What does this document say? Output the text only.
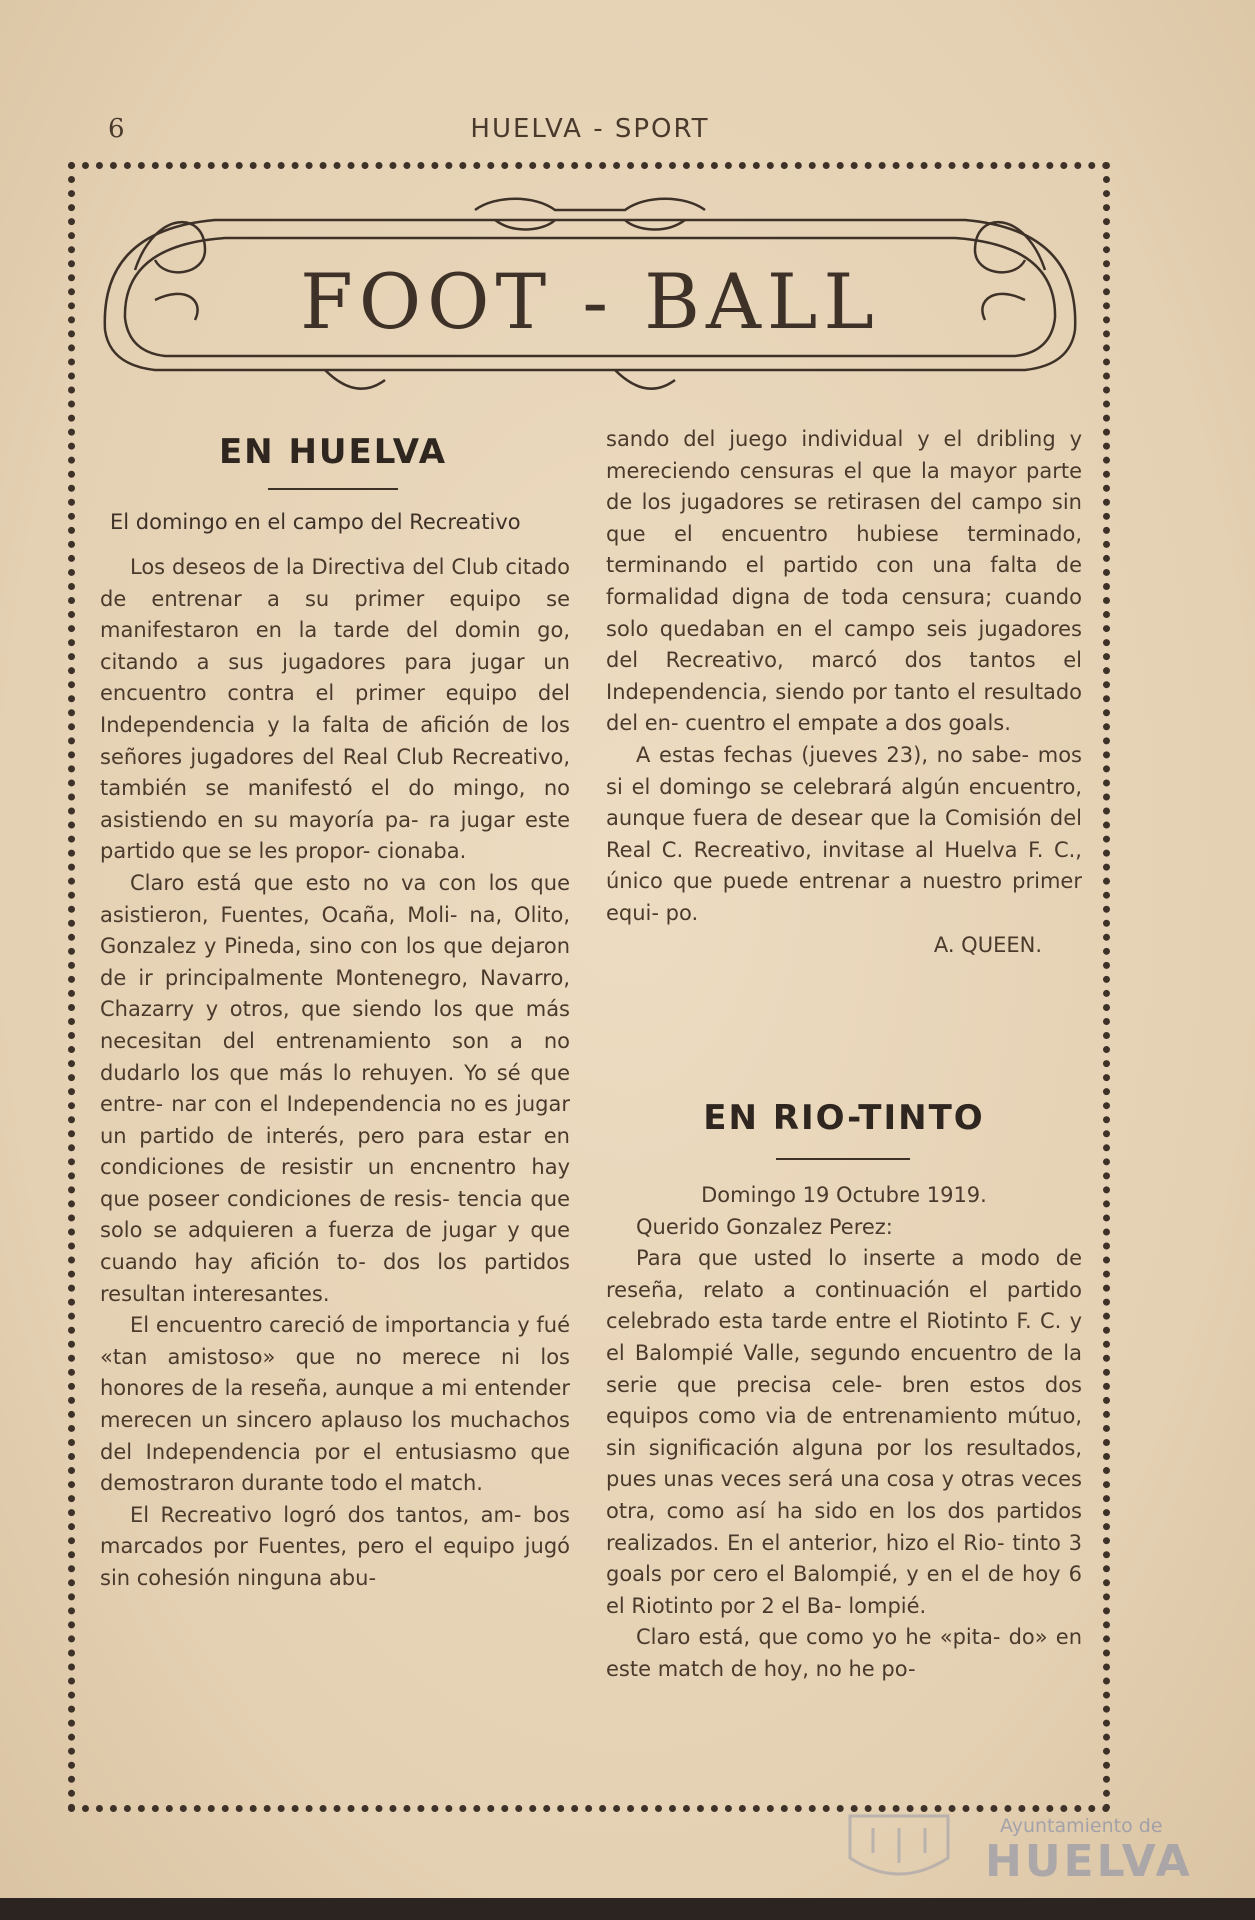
6	HUELVA - SPORT
FOOT - BALL
EN HUELVA
El domingo en el campo del Recreativo

Los deseos de la Directiva del Club citado de entrenar a su primer equipo se manifestaron en la tarde del domin go, citando a sus jugadores para jugar un encuentro contra el primer equipo del Independencia y la falta de afición de los señores jugadores del Real Club Recreativo, también se manifestó el do mingo, no asistiendo en su mayoría pa- ra jugar este partido que se les propor- cionaba.

Claro está que esto no va con los que asistieron, Fuentes, Ocaña, Moli- na, Olito, Gonzalez y Pineda, sino con los que dejaron de ir principalmente Montenegro, Navarro, Chazarry y otros, que siendo los que más necesitan del entrenamiento son a no dudarlo los que más lo rehuyen. Yo sé que entre- nar con el Independencia no es jugar un partido de interés, pero para estar en condiciones de resistir un encnentro hay que poseer condiciones de resis- tencia que solo se adquieren a fuerza de jugar y que cuando hay afición to- dos los partidos resultan interesantes.

El encuentro careció de importancia y fué «tan amistoso» que no merece ni los honores de la reseña, aunque a mi entender merecen un sincero aplauso los muchachos del Independencia por el entusiasmo que demostraron durante todo el match.

El Recreativo logró dos tantos, am- bos marcados por Fuentes, pero el equipo jugó sin cohesión ninguna abu-

sando del juego individual y el dribling y mereciendo censuras el que la mayor parte de los jugadores se retirasen del campo sin que el encuentro hubiese terminado, terminando el partido con una falta de formalidad digna de toda censura; cuando solo quedaban en el campo seis jugadores del Recreativo, marcó dos tantos el Independencia, siendo por tanto el resultado del en- cuentro el empate a dos goals.

A estas fechas (jueves 23), no sabe- mos si el domingo se celebrará algún encuentro, aunque fuera de desear que la Comisión del Real C. Recreativo, invitase al Huelva F. C., único que puede entrenar a nuestro primer equi- po.

A. QUEEN.

EN RIO-TINTO

Domingo 19 Octubre 1919.

Querido Gonzalez Perez:

Para que usted lo inserte a modo de reseña, relato a continuación el partido celebrado esta tarde entre el Riotinto F. C. y el Balompié Valle, segundo encuentro de la serie que precisa cele- bren estos dos equipos como via de entrenamiento mútuo, sin significación alguna por los resultados, pues unas veces será una cosa y otras veces otra, como así ha sido en los dos partidos realizados. En el anterior, hizo el Rio- tinto 3 goals por cero el Balompié, y en el de hoy 6 el Riotinto por 2 el Ba- lompié.

Claro está, que como yo he «pita- do» en este match de hoy, no he po-

Ayuntamiento de
HUELVA
